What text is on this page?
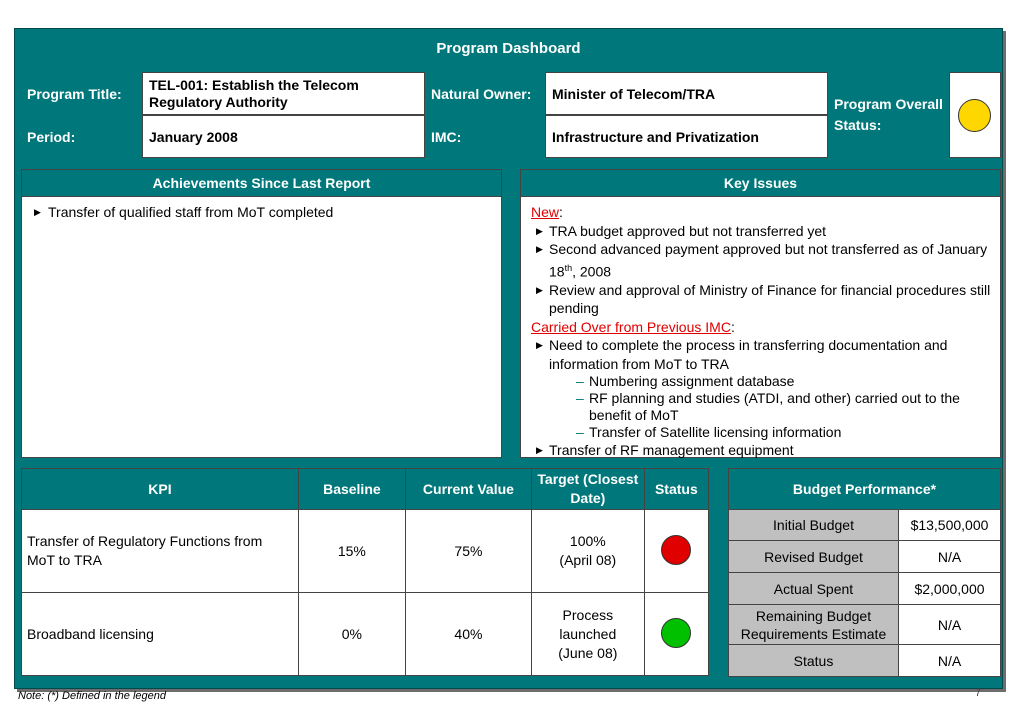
Program Dashboard
Program Title:
TEL-001: Establish the Telecom Regulatory Authority	Natural Owner:	Minister of Telecom/TRA
Period:	January 2008	IMC:	Infrastructure and Privatization
Program Overall Status:
Achievements Since Last Report
▶ Transfer of qualified staff from MoT completed
Key Issues
New:
▶ TRA budget approved but not transferred yet
▶ Second advanced payment approved but not transferred as of January 18th, 2008
▶ Review and approval of Ministry of Finance for financial procedures still pending
Carried Over from Previous IMC:
▶ Need to complete the process in transferring documentation and information from MoT to TRA
– Numbering assignment database
– RF planning and studies (ATDI, and other) carried out to the benefit of MoT
– Transfer of Satellite licensing information
▶ Transfer of RF management equipment
KPI	Baseline	Current Value	Target (Closest Date)	Status
Transfer of Regulatory Functions from MoT to TRA	15%	75%	100%
(April 08)	

Broadband licensing	0%	40%	Process
launched
(June 08)	

Budget Performance*	
Initial Budget	$13,500,000
Revised Budget	N/A
Actual Spent	$2,000,000
Remaining Budget Requirements Estimate	N/A
Status	N/A
Note: (*) Defined in the legend	7
